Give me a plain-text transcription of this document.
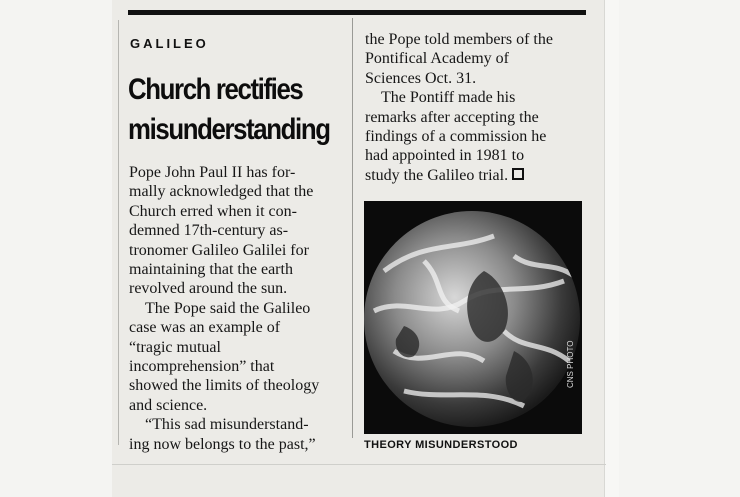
GALILEO
Church rectifies
misunderstanding
Pope John Paul II has for-
mally acknowledged that the
Church erred when it con-
demned 17th-century as-
tronomer Galileo Galilei for
maintaining that the earth
revolved around the sun.
The Pope said the Galileo
case was an example of
“tragic mutual
incomprehension” that
showed the limits of theology
and science.
“This sad misunderstand-
ing now belongs to the past,”
the Pope told members of the
Pontifical Academy of
Sciences Oct. 31.
The Pontiff made his
remarks after accepting the
findings of a commission he
had appointed in 1981 to
study the Galileo trial.
CNS PHOTO
THEORY MISUNDERSTOOD
